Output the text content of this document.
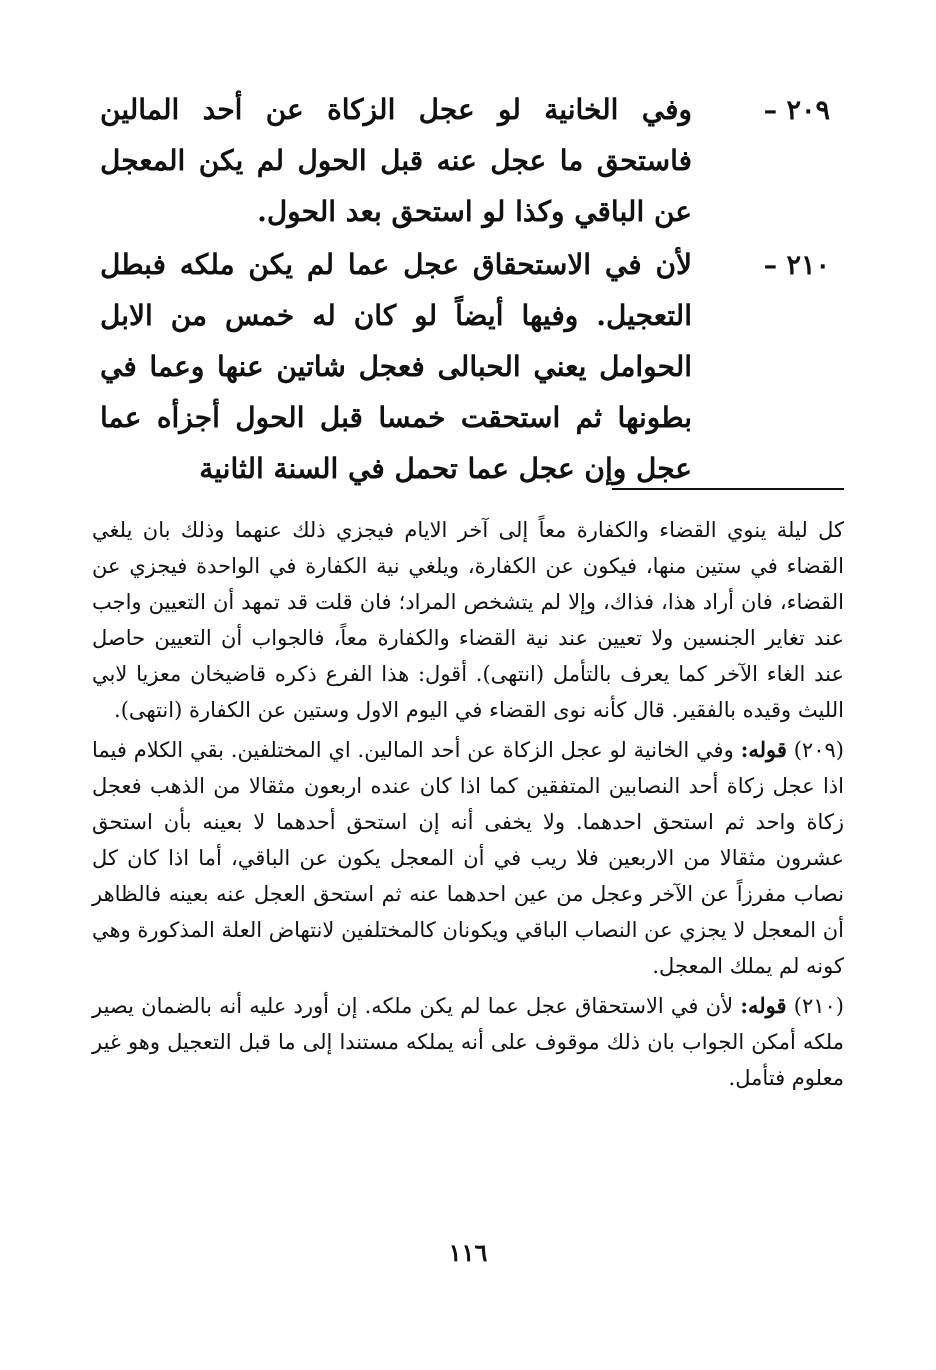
٢٠٩ –
وفي الخانية لو عجل الزكاة عن أحد المالين فاستحق ما عجل عنه قبل الحول لم يكن المعجل عن الباقي وكذا لو استحق بعد الحول.
٢١٠ –
لأن في الاستحقاق عجل عما لم يكن ملكه فبطل التعجيل. وفيها أيضاً لو كان له خمس من الابل الحوامل يعني الحبالى فعجل شاتين عنها وعما في بطونها ثم استحقت خمسا قبل الحول أجزأه عما عجل وإن عجل عما تحمل في السنة الثانية

كل ليلة ينوي القضاء والكفارة معاً إلى آخر الايام فيجزي ذلك عنهما وذلك بان يلغي القضاء في ستين منها، فيكون عن الكفارة، ويلغي نية الكفارة في الواحدة فيجزي عن القضاء، فان أراد هذا، فذاك، وإلا لم يتشخص المراد؛ فان قلت قد تمهد أن التعيين واجب عند تغاير الجنسين ولا تعيين عند نية القضاء والكفارة معاً، فالجواب أن التعيين حاصل عند الغاء الآخر كما يعرف بالتأمل (انتهى). أقول: هذا الفرع ذكره قاضيخان معزيا لابي الليث وقيده بالفقير. قال كأنه نوى القضاء في اليوم الاول وستين عن الكفارة (انتهى).

(٢٠٩) قوله: وفي الخانية لو عجل الزكاة عن أحد المالين. اي المختلفين. بقي الكلام فيما اذا عجل زكاة أحد النصابين المتفقين كما اذا كان عنده اربعون مثقالا من الذهب فعجل زكاة واحد ثم استحق احدهما. ولا يخفى أنه إن استحق أحدهما لا بعينه بأن استحق عشرون مثقالا من الاربعين فلا ريب في أن المعجل يكون عن الباقي، أما اذا كان كل نصاب مفرزاً عن الآخر وعجل من عين احدهما عنه ثم استحق العجل عنه بعينه فالظاهر أن المعجل لا يجزي عن النصاب الباقي ويكونان كالمختلفين لانتهاض العلة المذكورة وهي كونه لم يملك المعجل.

(٢١٠) قوله: لأن في الاستحقاق عجل عما لم يكن ملكه. إن أورد عليه أنه بالضمان يصير ملكه أمكن الجواب بان ذلك موقوف على أنه يملكه مستندا إلى ما قبل التعجيل وهو غير معلوم فتأمل.

١١٦
